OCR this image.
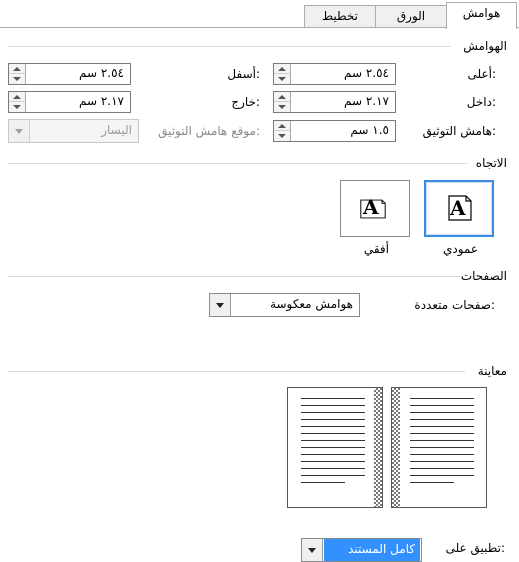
هوامش
الورق
تخطيط
الهوامش
أعلى:
٢.٥٤ سم
أسفل:
٢.٥٤ سم
داخل:
٢.١٧ سم
خارج:
٢.١٧ سم
هامش التوثيق:
١.٥ سم
موقع هامش التوثيق:
اليسار
الاتجاه
A
عمودي
A
أفقي
الصفحات
صفحات متعددة:
هوامش معكوسة
معاينة
تطبيق على:
كامل المستند
